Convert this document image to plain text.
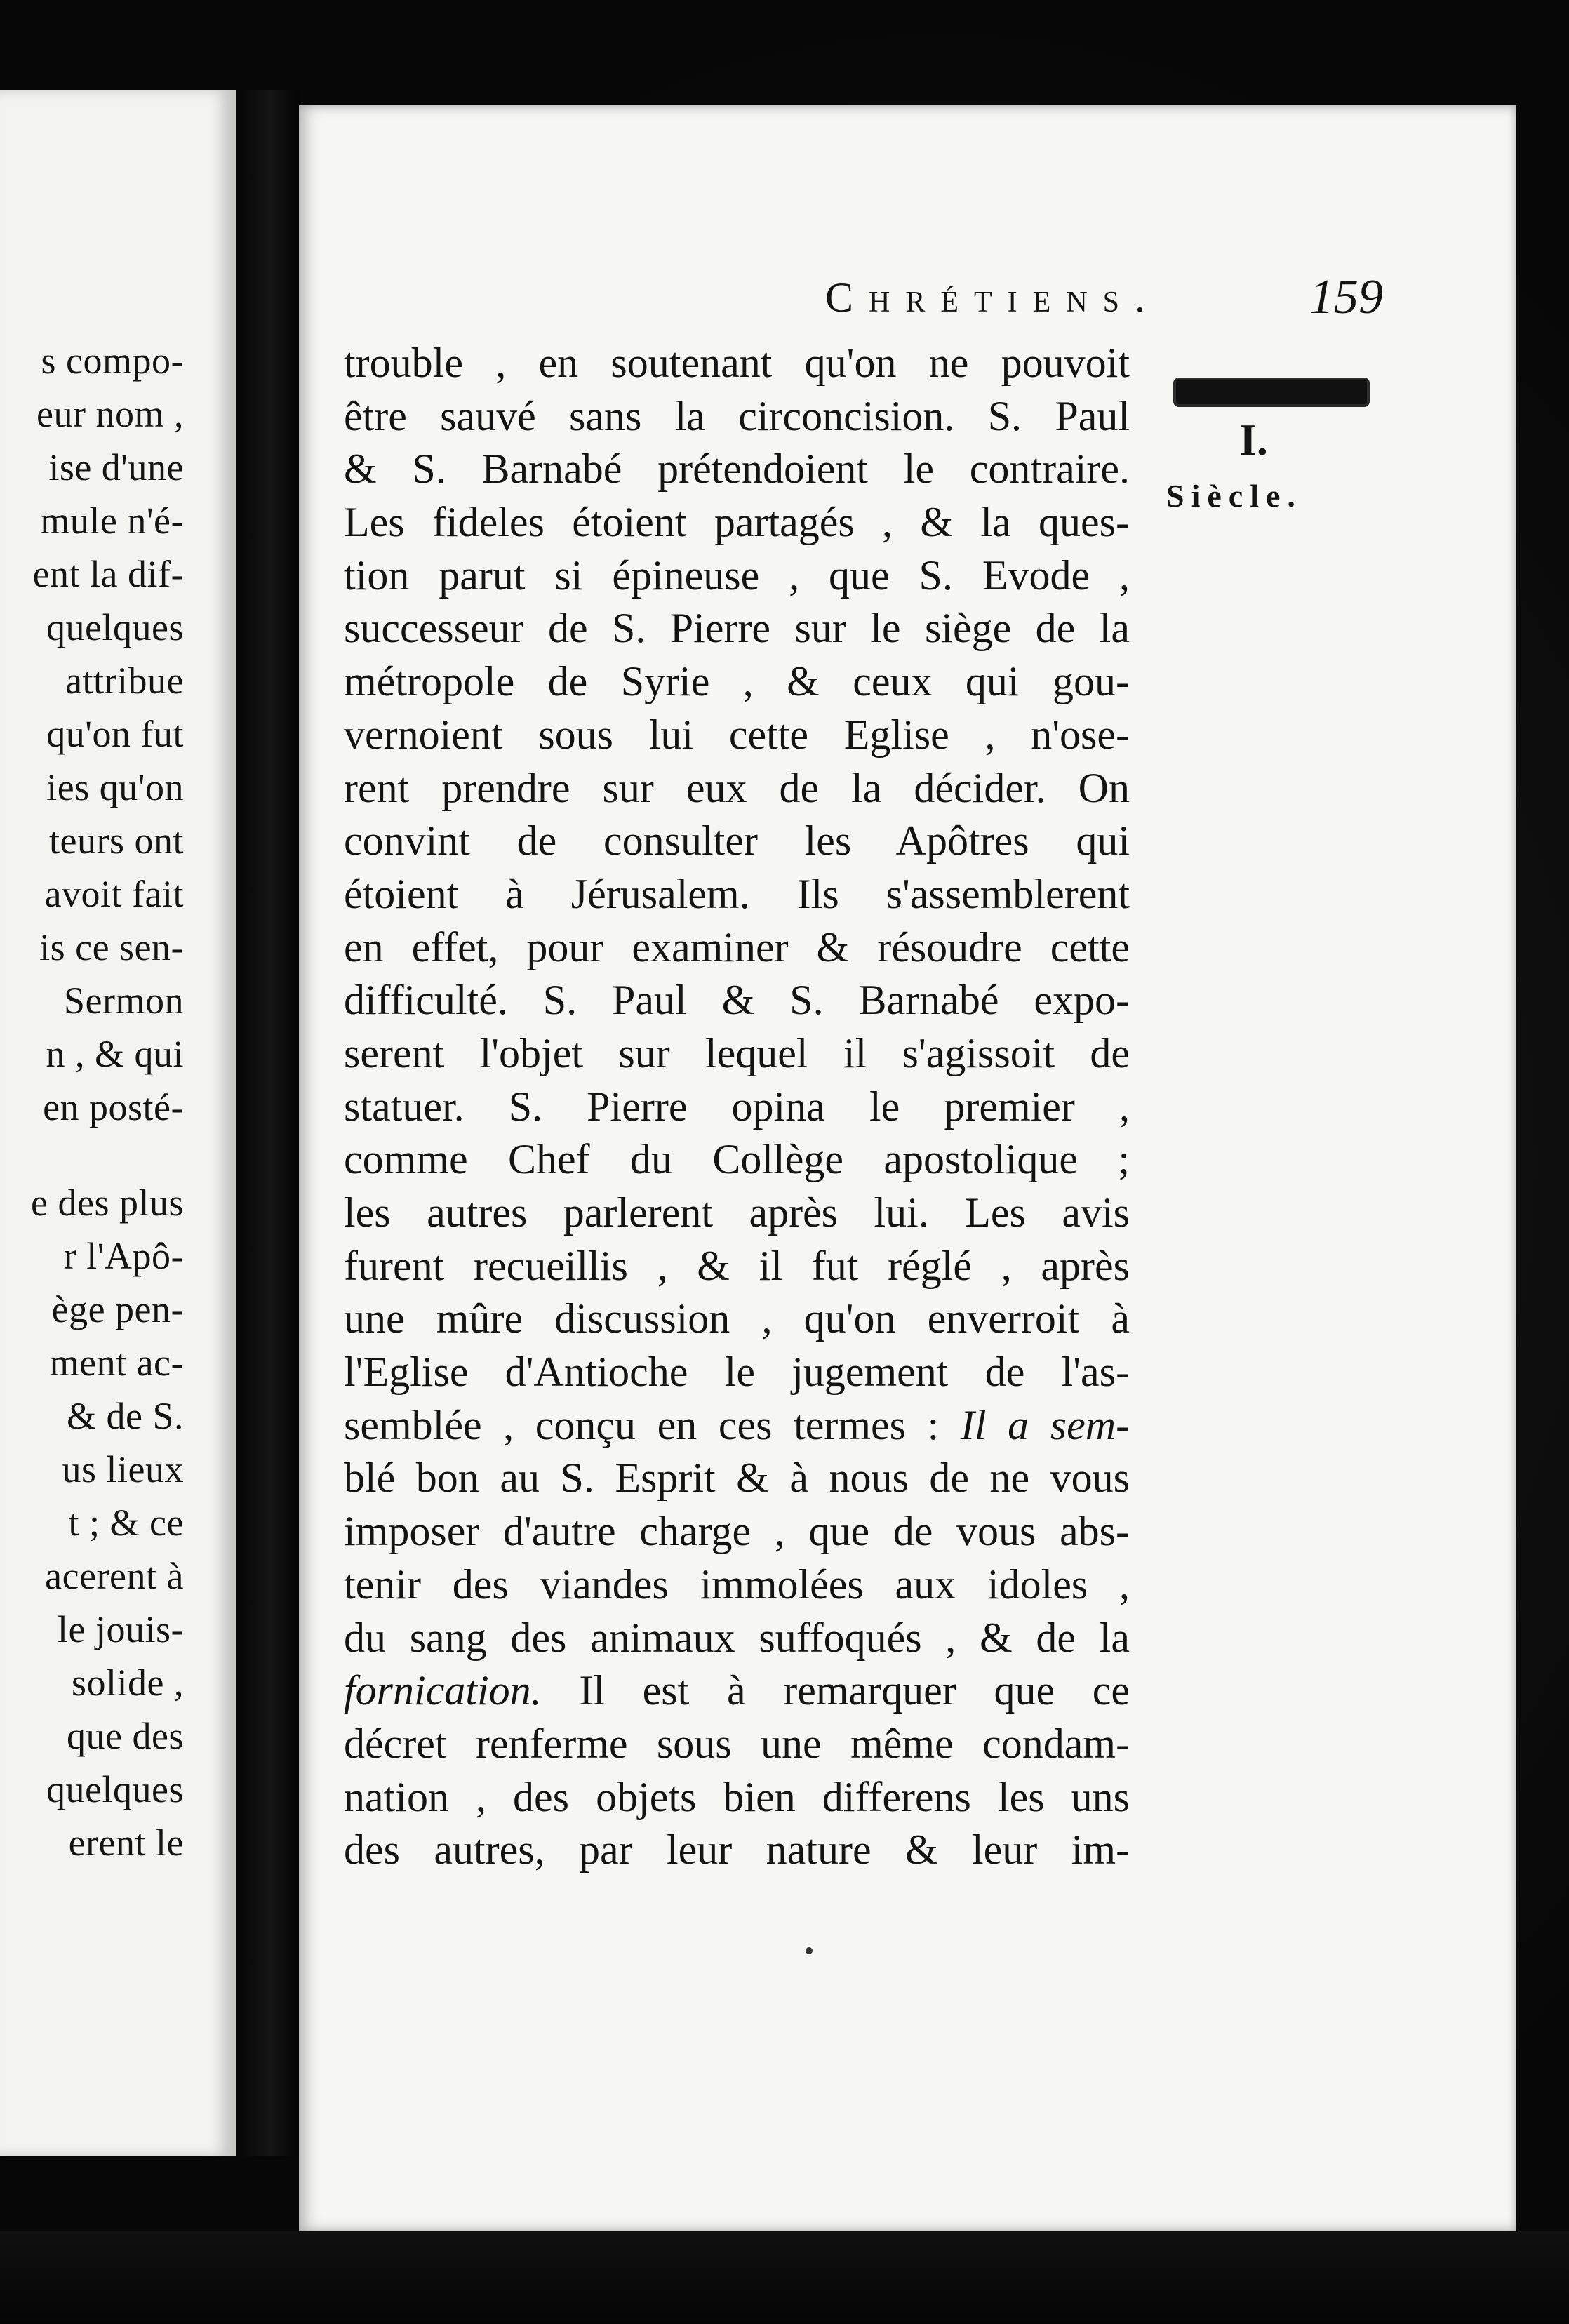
s compo-
eur nom ,
ise d'une
mule n'é-
ent la dif-
quelques
attribue
qu'on fut
ies qu'on
teurs ont
avoit fait
is ce sen-
Sermon
n , & qui
en posté-
e des plus
r l'Apô-
ège pen-
ment ac-
& de S.
us lieux
t ; & ce
acerent à
le jouis-
solide ,
que des
quelques
erent le
Chrétiens.	159
I.
Siècle.
trouble , en soutenant qu'on ne pouvoit
être sauvé sans la circoncision. S. Paul
& S. Barnabé prétendoient le contraire.
Les fideles étoient partagés , & la ques-
tion parut si épineuse , que S. Evode ,
successeur de S. Pierre sur le siège de la
métropole de Syrie , & ceux qui gou-
vernoient sous lui cette Eglise , n'ose-
rent prendre sur eux de la décider. On
convint de consulter les Apôtres qui
étoient à Jérusalem. Ils s'assemblerent
en effet, pour examiner & résoudre cette
difficulté. S. Paul & S. Barnabé expo-
serent l'objet sur lequel il s'agissoit de
statuer. S. Pierre opina le premier ,
comme Chef du Collège apostolique ;
les autres parlerent après lui. Les avis
furent recueillis , & il fut réglé , après
une mûre discussion , qu'on enverroit à
l'Eglise d'Antioche le jugement de l'as-
semblée , conçu en ces termes : Il a sem-
blé bon au S. Esprit & à nous de ne vous
imposer d'autre charge , que de vous abs-
tenir des viandes immolées aux idoles ,
du sang des animaux suffoqués , & de la
fornication. Il est à remarquer que ce
décret renferme sous une même condam-
nation , des objets bien differens les uns
des autres, par leur nature & leur im-
